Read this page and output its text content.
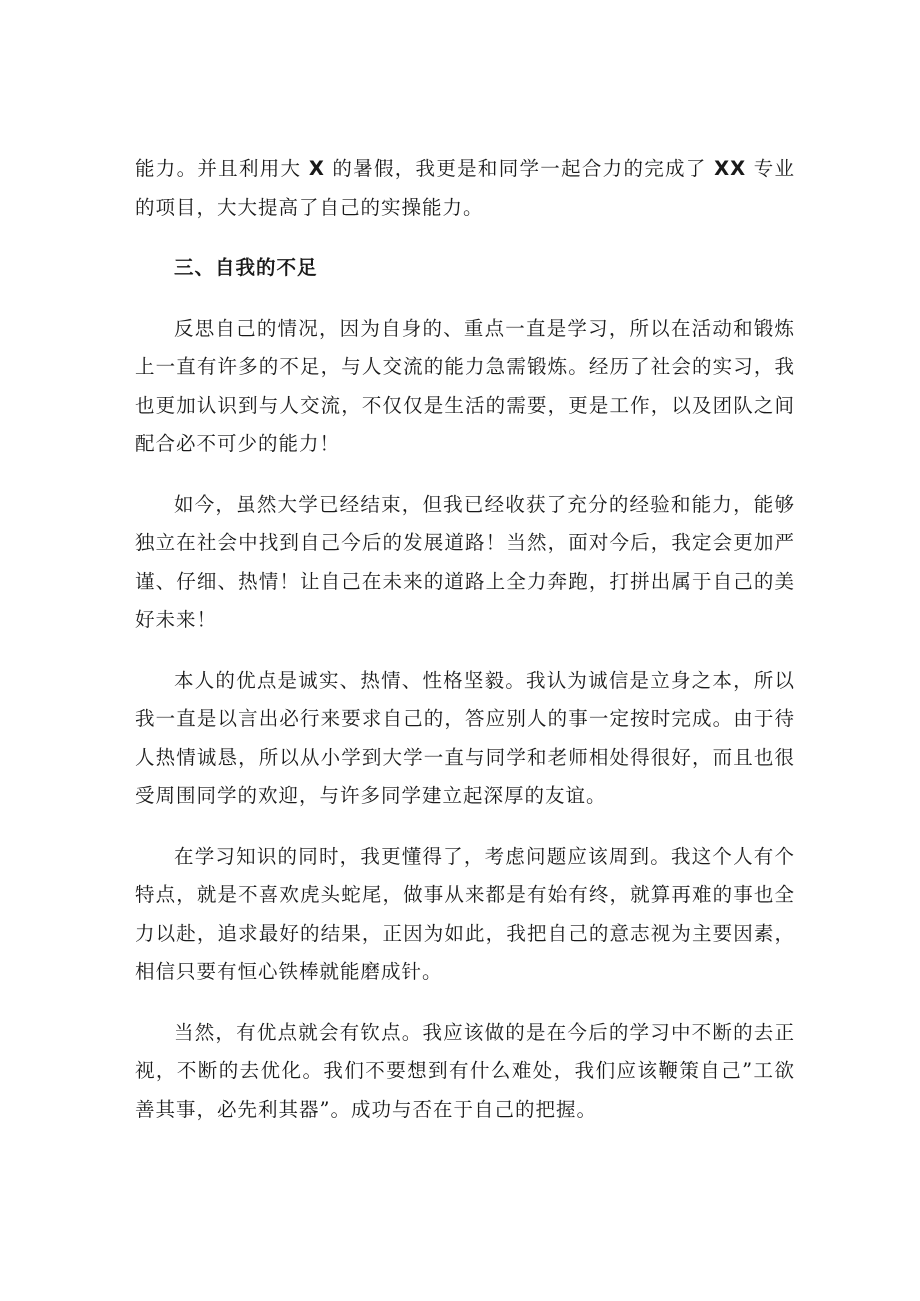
能力。并且利用大 X 的暑假，我更是和同学一起合力的完成了 XX 专业的项目，大大提高了自己的实操能力。

三、自我的不足

反思自己的情况，因为自身的、重点一直是学习，所以在活动和锻炼上一直有许多的不足，与人交流的能力急需锻炼。经历了社会的实习，我也更加认识到与人交流，不仅仅是生活的需要，更是工作，以及团队之间配合必不可少的能力！

如今，虽然大学已经结束，但我已经收获了充分的经验和能力，能够独立在社会中找到自己今后的发展道路！当然，面对今后，我定会更加严谨、仔细、热情！让自己在未来的道路上全力奔跑，打拼出属于自己的美好未来！

本人的优点是诚实、热情、性格坚毅。我认为诚信是立身之本，所以我一直是以言出必行来要求自己的，答应别人的事一定按时完成。由于待人热情诚恳，所以从小学到大学一直与同学和老师相处得很好，而且也很受周围同学的欢迎，与许多同学建立起深厚的友谊。

在学习知识的同时，我更懂得了，考虑问题应该周到。我这个人有个特点，就是不喜欢虎头蛇尾，做事从来都是有始有终，就算再难的事也全力以赴，追求最好的结果，正因为如此，我把自己的意志视为主要因素，相信只要有恒心铁棒就能磨成针。

当然，有优点就会有钦点。我应该做的是在今后的学习中不断的去正视，不断的去优化。我们不要想到有什么难处，我们应该鞭策自己”工欲善其事，必先利其器”。成功与否在于自己的把握。
